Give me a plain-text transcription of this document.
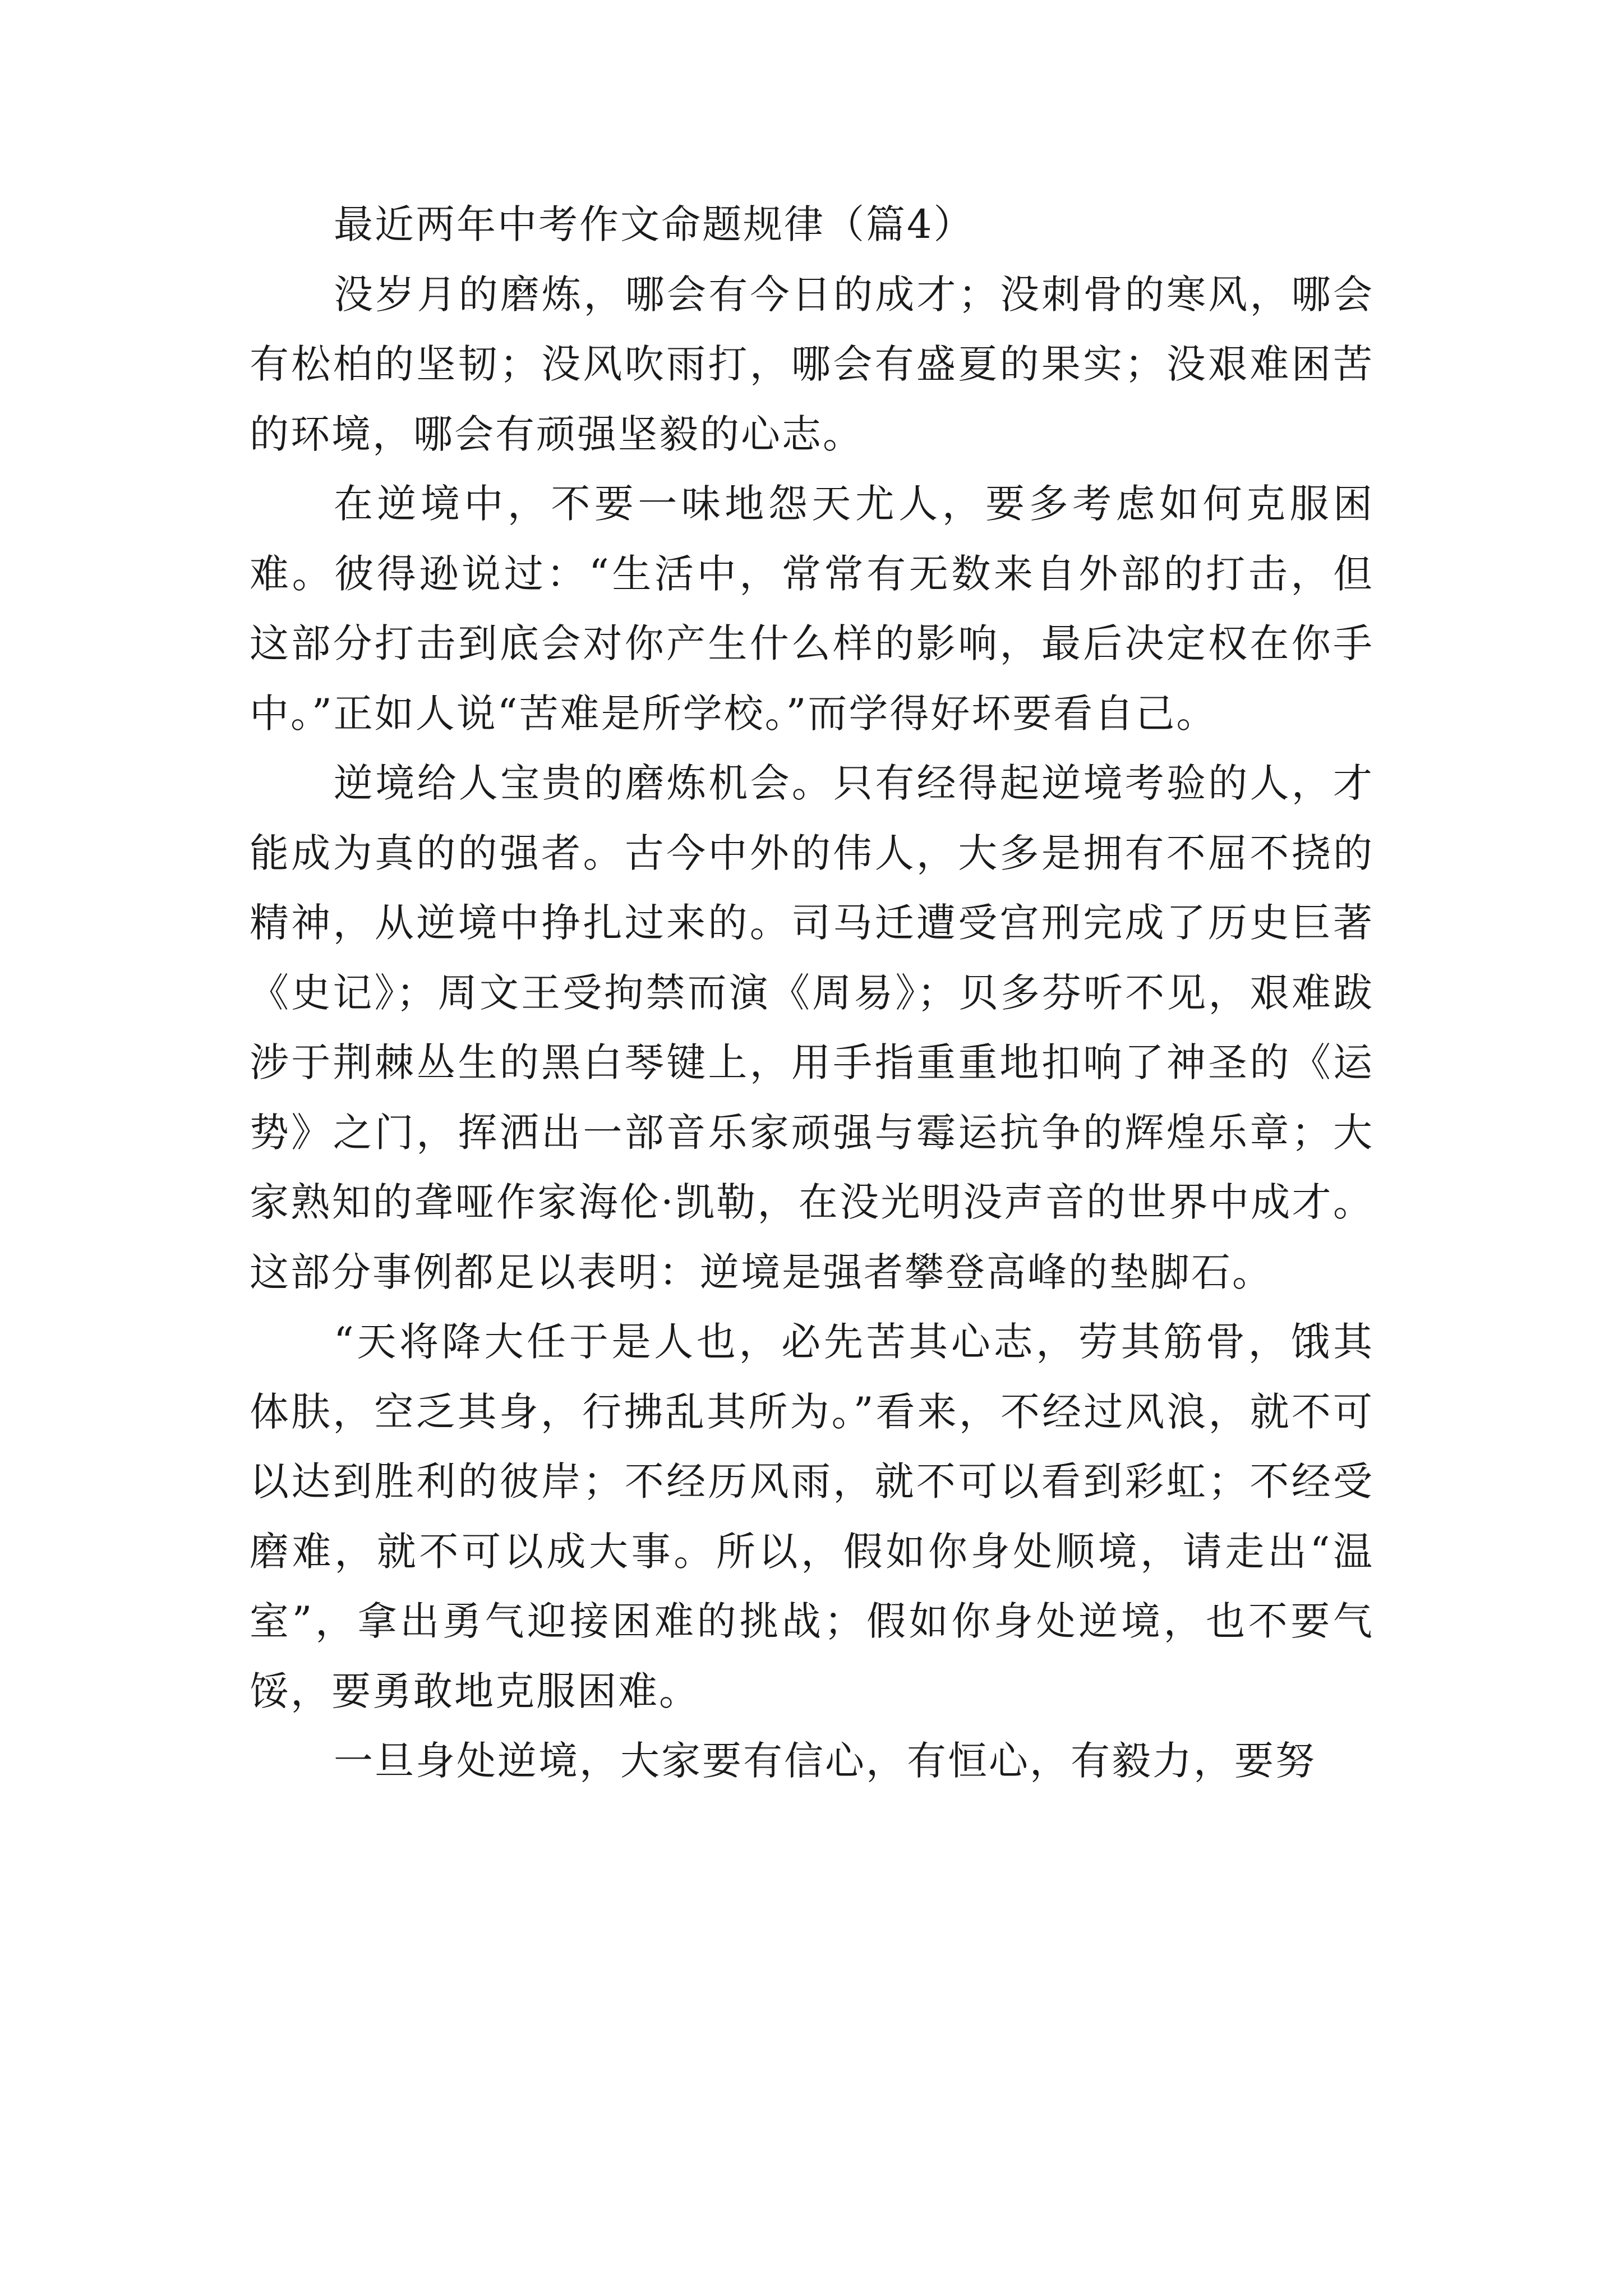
最近两年中考作文命题规律（篇4）

没岁月的磨炼，哪会有今日的成才；没刺骨的寒风，哪会有松柏的坚韧；没风吹雨打，哪会有盛夏的果实；没艰难困苦的环境，哪会有顽强坚毅的心志。

在逆境中，不要一味地怨天尤人，要多考虑如何克服困难。彼得逊说过：“生活中，常常有无数来自外部的打击，但这部分打击到底会对你产生什么样的影响，最后决定权在你手中。”正如人说“苦难是所学校。”而学得好坏要看自己。

逆境给人宝贵的磨炼机会。只有经得起逆境考验的人，才能成为真的的强者。古今中外的伟人，大多是拥有不屈不挠的精神，从逆境中挣扎过来的。司马迁遭受宫刑完成了历史巨著《史记》；周文王受拘禁而演《周易》；贝多芬听不见，艰难跋涉于荆棘丛生的黑白琴键上，用手指重重地扣响了神圣的《运势》之门，挥洒出一部音乐家顽强与霉运抗争的辉煌乐章；大家熟知的聋哑作家海伦·凯勒，在没光明没声音的世界中成才。这部分事例都足以表明：逆境是强者攀登高峰的垫脚石。

“天将降大任于是人也，必先苦其心志，劳其筋骨，饿其体肤，空乏其身，行拂乱其所为。”看来，不经过风浪，就不可以达到胜利的彼岸；不经历风雨，就不可以看到彩虹；不经受磨难，就不可以成大事。所以，假如你身处顺境，请走出“温室”，拿出勇气迎接困难的挑战；假如你身处逆境，也不要气馁，要勇敢地克服困难。

一旦身处逆境，大家要有信心，有恒心，有毅力，要努
